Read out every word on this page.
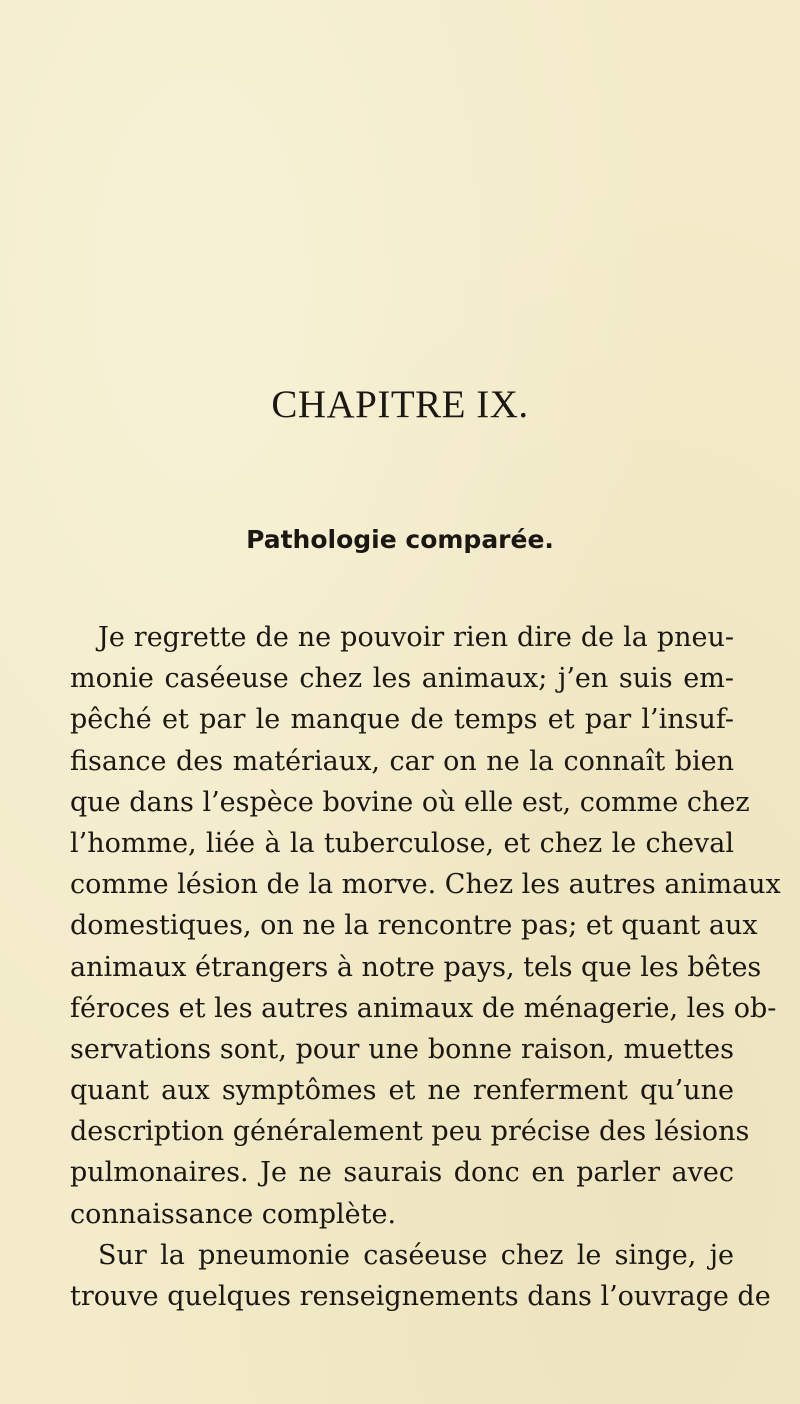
CHAPITRE IX.
Pathologie comparée.
Je regrette de ne pouvoir rien dire de la pneu-
monie caséeuse chez les animaux; j’en suis em-
pêché et par le manque de temps et par l’insuf-
fisance des matériaux, car on ne la connaît bien
que dans l’espèce bovine où elle est, comme chez
l’homme, liée à la tuberculose, et chez le cheval
comme lésion de la morve. Chez les autres animaux
domestiques, on ne la rencontre pas; et quant aux
animaux étrangers à notre pays, tels que les bêtes
féroces et les autres animaux de ménagerie, les ob-
servations sont, pour une bonne raison, muettes
quant aux symptômes et ne renferment qu’une
description généralement peu précise des lésions
pulmonaires. Je ne saurais donc en parler avec
connaissance complète.
Sur la pneumonie caséeuse chez le singe, je
trouve quelques renseignements dans l’ouvrage de
